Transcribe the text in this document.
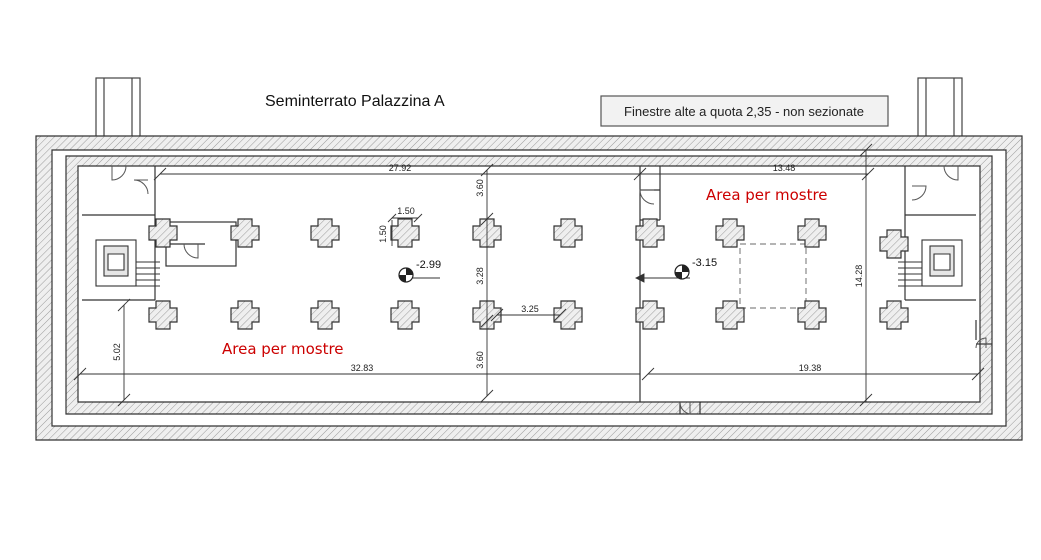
Seminterrato Palazzina A
Finestre alte a quota 2,35 - non sezionate
Area per mostre
Area per mostre
-2.99	-3.15
27.92	13.48
32.83	19.38
1.50
1.50
3.60
3.28
3.60
3.25
5.02
14.28
